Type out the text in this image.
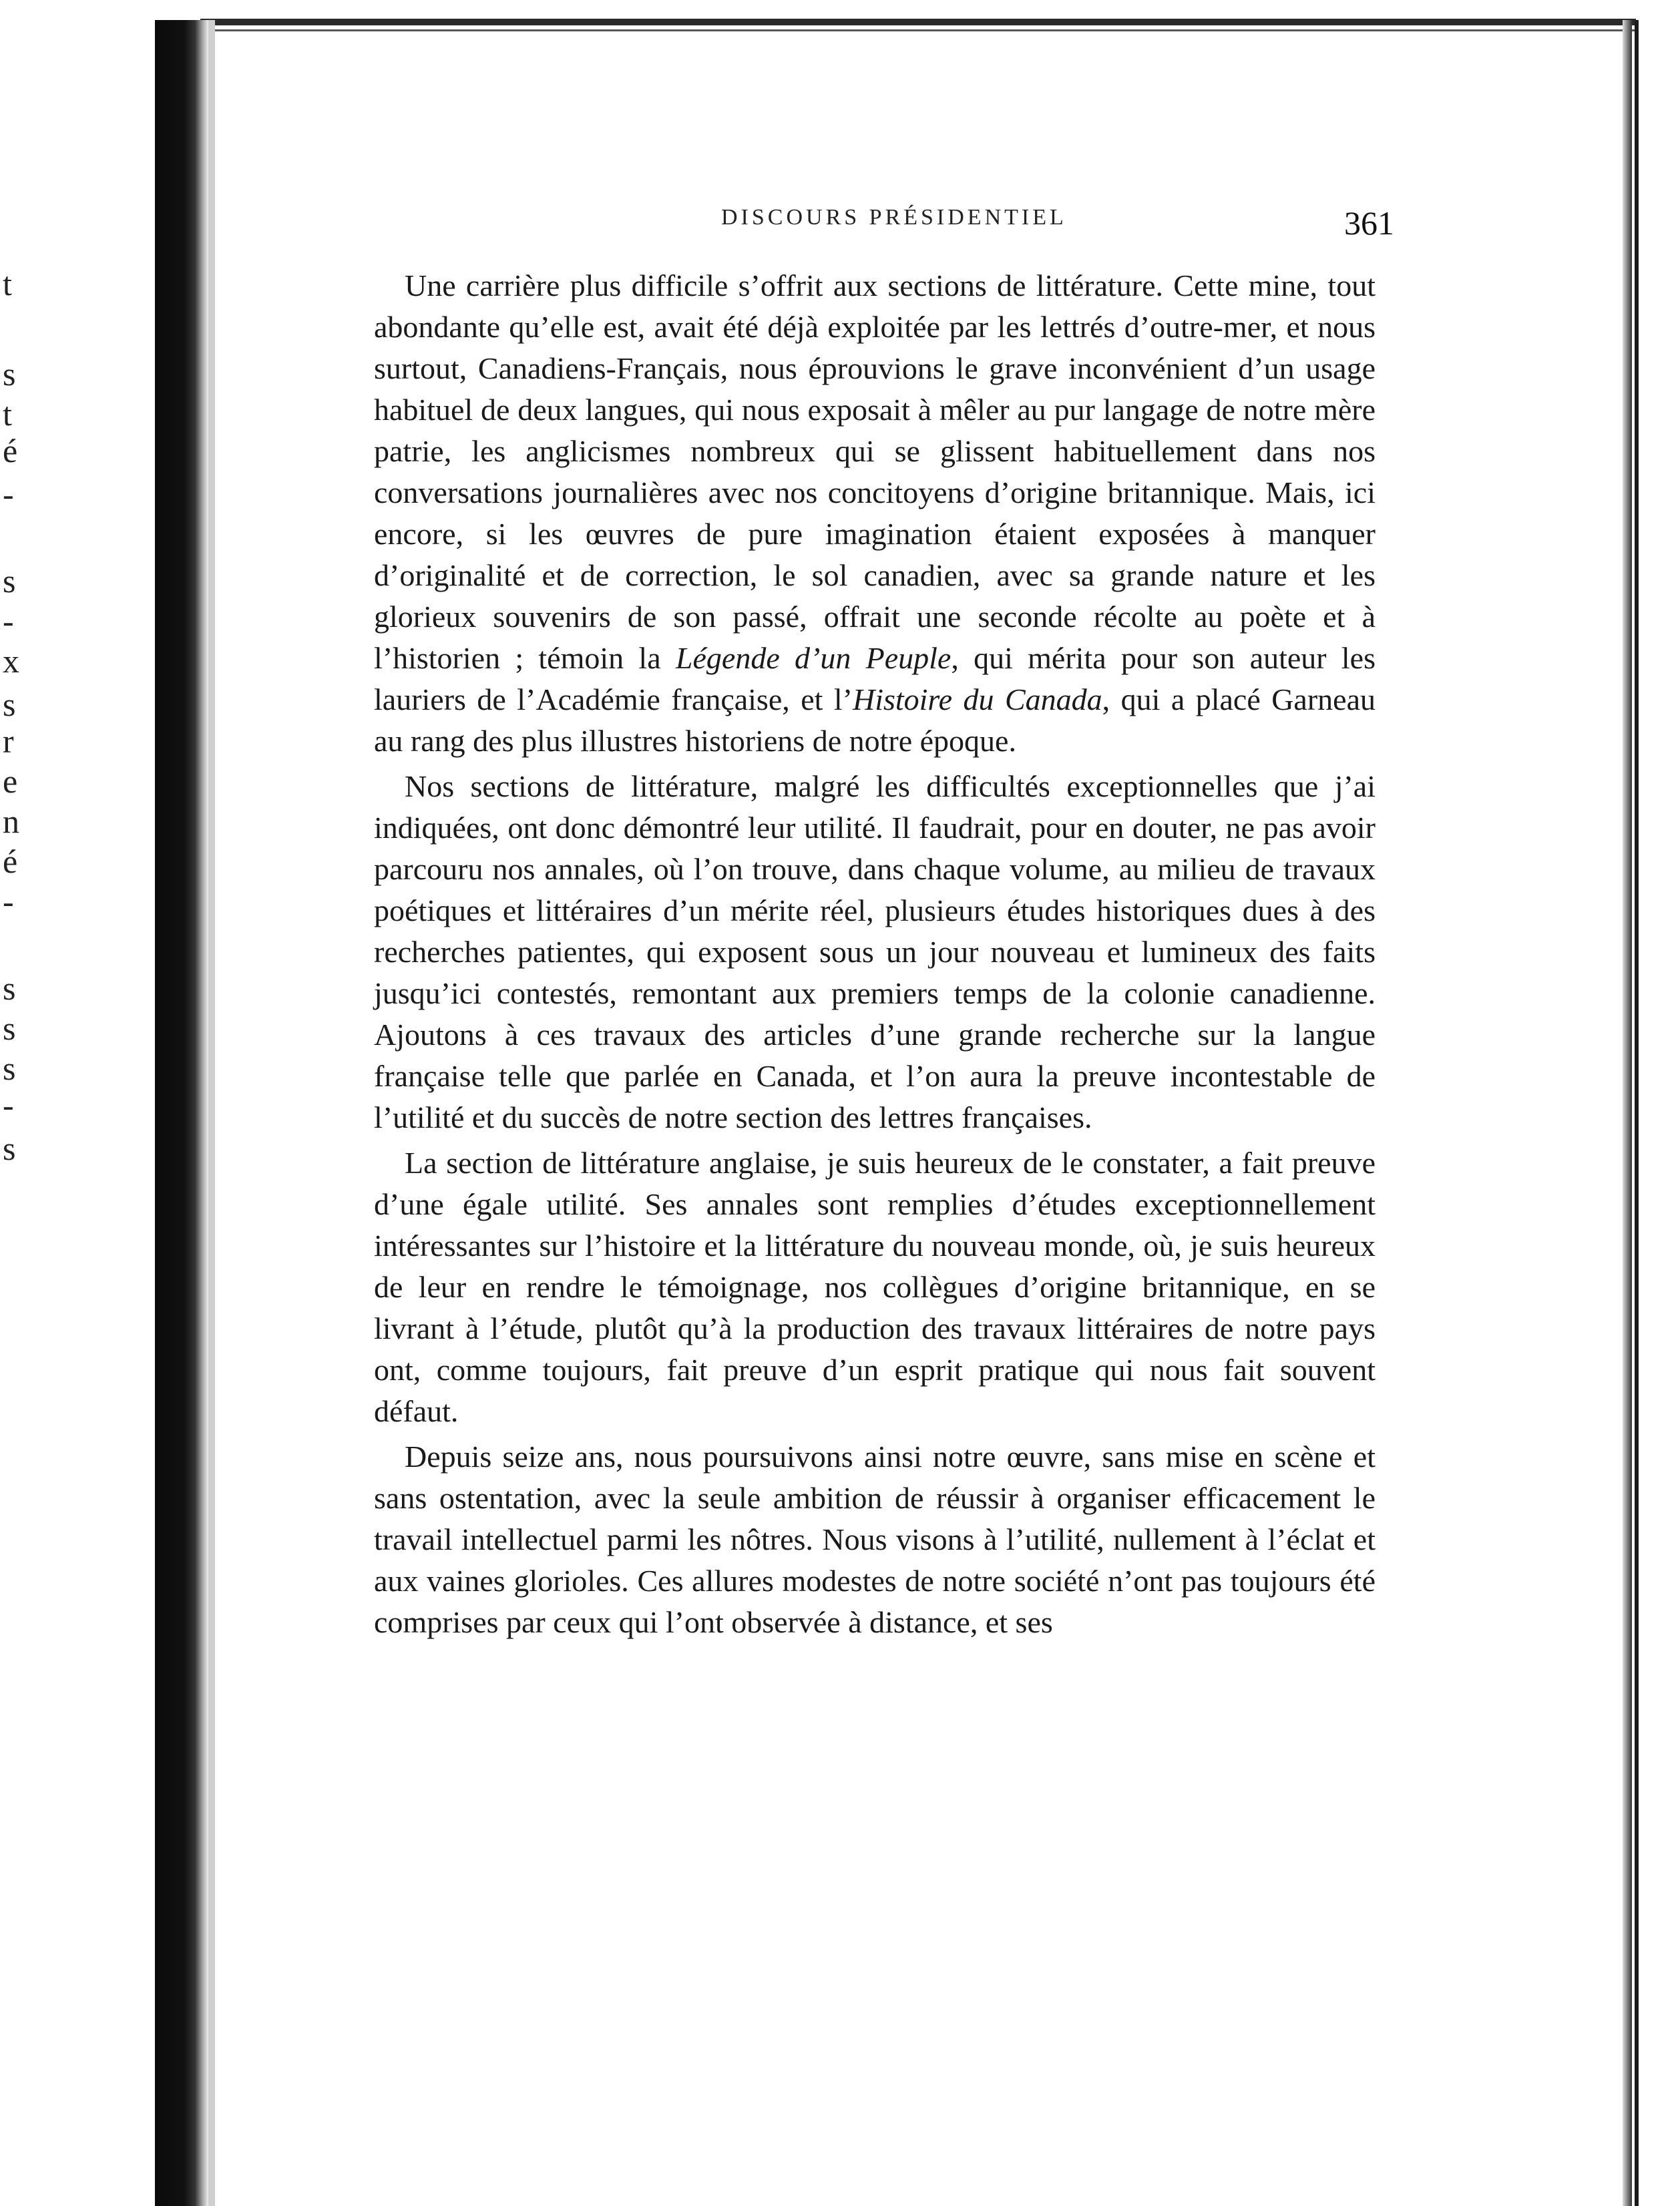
t
s
t
é
-
s
-
x
s
r
e
n
é
-
s
s
s
-
s
DISCOURS PRÉSIDENTIEL	361

Une carrière plus difficile s’offrit aux sections de littérature. Cette mine, tout abondante qu’elle est, avait été déjà exploitée par les lettrés d’outre-mer, et nous surtout, Canadiens-Français, nous éprouvions le grave inconvénient d’un usage habituel de deux langues, qui nous exposait à mêler au pur langage de notre mère patrie, les anglicismes nombreux qui se glissent habituellement dans nos conversations journalières avec nos concitoyens d’origine britannique. Mais, ici encore, si les œuvres de pure imagination étaient exposées à manquer d’originalité et de correction, le sol canadien, avec sa grande nature et les glorieux souvenirs de son passé, offrait une seconde récolte au poète et à l’historien ; témoin la Légende d’un Peuple, qui mérita pour son auteur les lauriers de l’Académie française, et l’Histoire du Canada, qui a placé Garneau au rang des plus illustres historiens de notre époque.

Nos sections de littérature, malgré les difficultés exceptionnelles que j’ai indiquées, ont donc démontré leur utilité. Il faudrait, pour en douter, ne pas avoir parcouru nos annales, où l’on trouve, dans chaque volume, au milieu de travaux poétiques et littéraires d’un mérite réel, plusieurs études historiques dues à des recherches patientes, qui exposent sous un jour nouveau et lumineux des faits jusqu’ici contestés, remontant aux premiers temps de la colonie canadienne. Ajoutons à ces travaux des articles d’une grande recherche sur la langue française telle que parlée en Canada, et l’on aura la preuve incontestable de l’utilité et du succès de notre section des lettres françaises.

La section de littérature anglaise, je suis heureux de le constater, a fait preuve d’une égale utilité. Ses annales sont remplies d’études exceptionnellement intéressantes sur l’histoire et la littérature du nouveau monde, où, je suis heureux de leur en rendre le témoignage, nos collègues d’origine britannique, en se livrant à l’étude, plutôt qu’à la production des travaux littéraires de notre pays ont, comme toujours, fait preuve d’un esprit pratique qui nous fait souvent défaut.

Depuis seize ans, nous poursuivons ainsi notre œuvre, sans mise en scène et sans ostentation, avec la seule ambition de réussir à organiser efficacement le travail intellectuel parmi les nôtres. Nous visons à l’utilité, nullement à l’éclat et aux vaines glorioles. Ces allures modestes de notre société n’ont pas toujours été comprises par ceux qui l’ont observée à distance, et ses
